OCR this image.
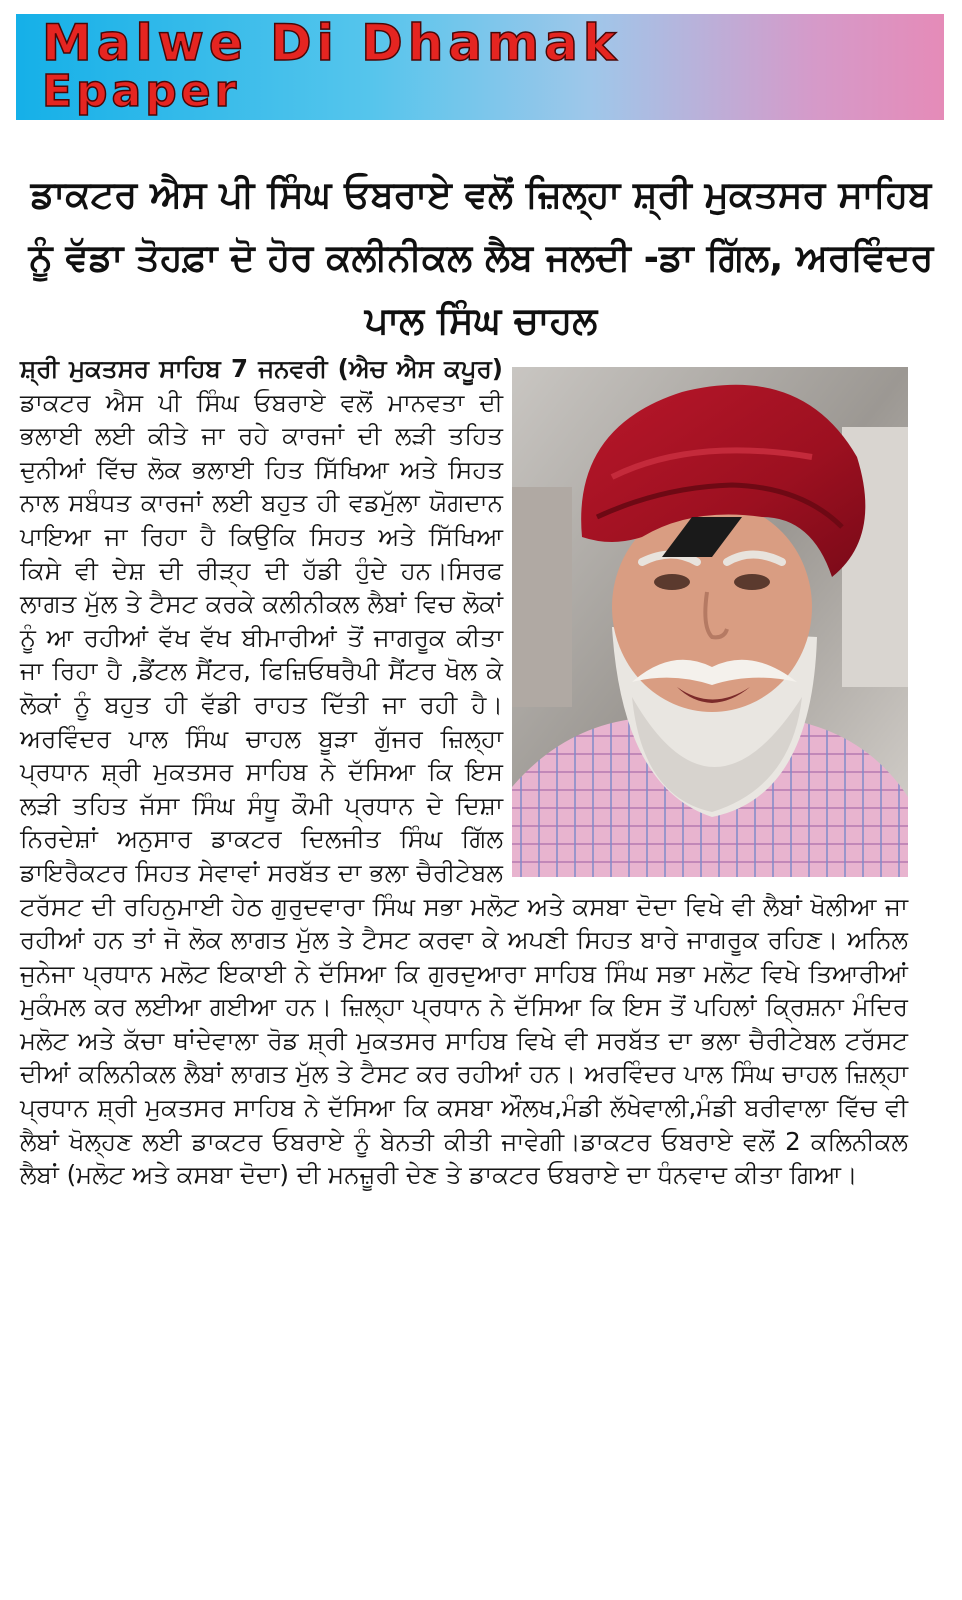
Malwe Di Dhamak
Epaper
ਡਾਕਟਰ ਐਸ ਪੀ ਸਿੰਘ ਓਬਰਾਏ ਵਲੋਂ ਜ਼ਿਲ੍ਹਾ ਸ਼੍ਰੀ ਮੁਕਤਸਰ ਸਾਹਿਬ ਨੂੰ ਵੱਡਾ ਤੋਹਫ਼ਾ ਦੋ ਹੋਰ ਕਲੀਨੀਕਲ ਲੈਬ ਜਲਦੀ -ਡਾ ਗਿੱਲ, ਅਰਵਿੰਦਰ ਪਾਲ ਸਿੰਘ ਚਾਹਲ
ਸ਼੍ਰੀ ਮੁਕਤਸਰ ਸਾਹਿਬ 7 ਜਨਵਰੀ (ਐਚ ਐਸ ਕਪੂਰ) ਡਾਕਟਰ ਐਸ ਪੀ ਸਿੰਘ ਓਬਰਾਏ ਵਲੋਂ ਮਾਨਵਤਾ ਦੀ ਭਲਾਈ ਲਈ ਕੀਤੇ ਜਾ ਰਹੇ ਕਾਰਜਾਂ ਦੀ ਲੜੀ ਤਹਿਤ ਦੁਨੀਆਂ ਵਿੱਚ ਲੋਕ ਭਲਾਈ ਹਿਤ ਸਿੱਖਿਆ ਅਤੇ ਸਿਹਤ ਨਾਲ ਸਬੰਧਤ ਕਾਰਜਾਂ ਲਈ ਬਹੁਤ ਹੀ ਵਡਮੁੱਲਾ ਯੋਗਦਾਨ ਪਾਇਆ ਜਾ ਰਿਹਾ ਹੈ ਕਿਉਕਿ ਸਿਹਤ ਅਤੇ ਸਿੱਖਿਆ ਕਿਸੇ ਵੀ ਦੇਸ਼ ਦੀ ਰੀੜ੍ਹ ਦੀ ਹੱਡੀ ਹੁੰਦੇ ਹਨ।ਸਿਰਫ ਲਾਗਤ ਮੁੱਲ ਤੇ ਟੈਸਟ ਕਰਕੇ ਕਲੀਨੀਕਲ ਲੈਬਾਂ ਵਿਚ ਲੋਕਾਂ ਨੂੰ ਆ ਰਹੀਆਂ ਵੱਖ ਵੱਖ ਬੀਮਾਰੀਆਂ ਤੋਂ ਜਾਗਰੂਕ ਕੀਤਾ ਜਾ ਰਿਹਾ ਹੈ ,ਡੈਂਟਲ ਸੈਂਟਰ, ਫਿਜ਼ਿਓਥਰੈਪੀ ਸੈਂਟਰ ਖੋਲ ਕੇ ਲੋਕਾਂ ਨੂੰ ਬਹੁਤ ਹੀ ਵੱਡੀ ਰਾਹਤ ਦਿੱਤੀ ਜਾ ਰਹੀ ਹੈ। ਅਰਵਿੰਦਰ ਪਾਲ ਸਿੰਘ ਚਾਹਲ ਬੂੜਾ ਗੁੱਜਰ ਜ਼ਿਲ੍ਹਾ ਪ੍ਰਧਾਨ ਸ਼੍ਰੀ ਮੁਕਤਸਰ ਸਾਹਿਬ ਨੇ ਦੱਸਿਆ ਕਿ ਇਸ ਲੜੀ ਤਹਿਤ ਜੱਸਾ ਸਿੰਘ ਸੰਧੂ ਕੌਮੀ ਪ੍ਰਧਾਨ ਦੇ ਦਿਸ਼ਾ ਨਿਰਦੇਸ਼ਾਂ ਅਨੁਸਾਰ ਡਾਕਟਰ ਦਿਲਜੀਤ ਸਿੰਘ ਗਿੱਲ ਡਾਇਰੈਕਟਰ ਸਿਹਤ ਸੇਵਾਵਾਂ ਸਰਬੱਤ ਦਾ ਭਲਾ ਚੈਰੀਟੇਬਲ ਟਰੱਸਟ ਦੀ ਰਹਿਨੁਮਾਈ ਹੇਠ ਗੁਰੁਦਵਾਰਾ ਸਿੰਘ ਸਭਾ ਮਲੋਟ ਅਤੇ ਕਸਬਾ ਦੋਦਾ ਵਿਖੇ ਵੀ ਲੈਬਾਂ ਖੋਲੀਆ ਜਾ ਰਹੀਆਂ ਹਨ ਤਾਂ ਜੋ ਲੋਕ ਲਾਗਤ ਮੁੱਲ ਤੇ ਟੈਸਟ ਕਰਵਾ ਕੇ ਅਪਣੀ ਸਿਹਤ ਬਾਰੇ ਜਾਗਰੂਕ ਰਹਿਣ। ਅਨਿਲ ਜੁਨੇਜਾ ਪ੍ਰਧਾਨ ਮਲੋਟ ਇਕਾਈ ਨੇ ਦੱਸਿਆ ਕਿ ਗੁਰਦੁਆਰਾ ਸਾਹਿਬ ਸਿੰਘ ਸਭਾ ਮਲੋਟ ਵਿਖੇ ਤਿਆਰੀਆਂ ਮੁਕੰਮਲ ਕਰ ਲਈਆ ਗਈਆ ਹਨ। ਜ਼ਿਲ੍ਹਾ ਪ੍ਰਧਾਨ ਨੇ ਦੱਸਿਆ ਕਿ ਇਸ ਤੋਂ ਪਹਿਲਾਂ ਕ੍ਰਿਸ਼ਨਾ ਮੰਦਿਰ ਮਲੋਟ ਅਤੇ ਕੱਚਾ ਥਾਂਦੇਵਾਲਾ ਰੋਡ ਸ਼੍ਰੀ ਮੁਕਤਸਰ ਸਾਹਿਬ ਵਿਖੇ ਵੀ ਸਰਬੱਤ ਦਾ ਭਲਾ ਚੈਰੀਟੇਬਲ ਟਰੱਸਟ ਦੀਆਂ ਕਲਿਨੀਕਲ ਲੈਬਾਂ ਲਾਗਤ ਮੁੱਲ ਤੇ ਟੈਸਟ ਕਰ ਰਹੀਆਂ ਹਨ। ਅਰਵਿੰਦਰ ਪਾਲ ਸਿੰਘ ਚਾਹਲ ਜ਼ਿਲ੍ਹਾ ਪ੍ਰਧਾਨ ਸ਼੍ਰੀ ਮੁਕਤਸਰ ਸਾਹਿਬ ਨੇ ਦੱਸਿਆ ਕਿ ਕਸਬਾ ਔਲਖ,ਮੰਡੀ ਲੱਖੇਵਾਲੀ,ਮੰਡੀ ਬਰੀਵਾਲਾ ਵਿੱਚ ਵੀ ਲੈਬਾਂ ਖੋਲ੍ਹਣ ਲਈ ਡਾਕਟਰ ਓਬਰਾਏ ਨੂੰ ਬੇਨਤੀ ਕੀਤੀ ਜਾਵੇਗੀ।ਡਾਕਟਰ ਓਬਰਾਏ ਵਲੋਂ 2 ਕਲਿਨੀਕਲ ਲੈਬਾਂ (ਮਲੋਟ ਅਤੇ ਕਸਬਾ ਦੋਦਾ) ਦੀ ਮਨਜ਼ੂਰੀ ਦੇਣ ਤੇ ਡਾਕਟਰ ਓਬਰਾਏ ਦਾ ਧੰਨਵਾਦ ਕੀਤਾ ਗਿਆ।
